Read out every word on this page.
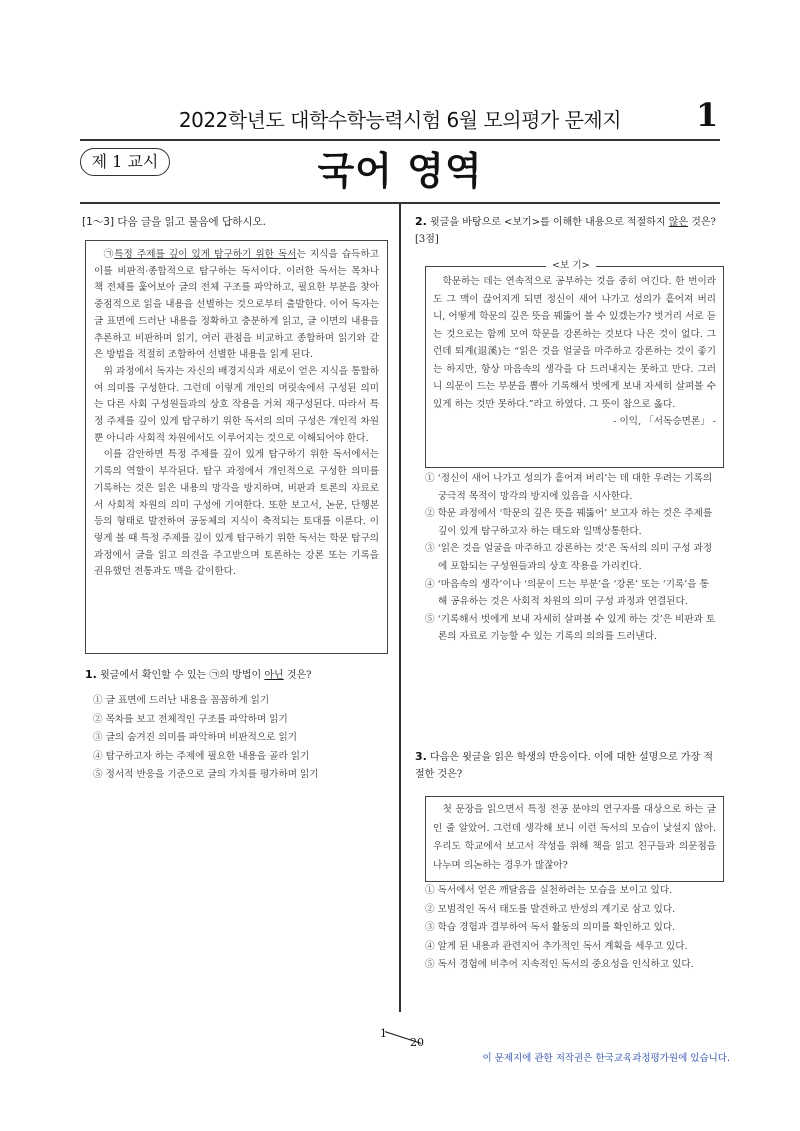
2022학년도 대학수학능력시험 6월 모의평가 문제지	1
제 1 교시	국어 영역
[1～3] 다음 글을 읽고 물음에 답하시오.

㉠특정 주제를 깊이 있게 탐구하기 위한 독서는 지식을 습득하고 이를 비판적·종합적으로 탐구하는 독서이다. 이러한 독서는 목차나 책 전체를 훑어보아 글의 전체 구조를 파악하고, 필요한 부분을 찾아 중점적으로 읽을 내용을 선별하는 것으로부터 출발한다. 이어 독자는 글 표면에 드러난 내용을 정확하고 충분하게 읽고, 글 이면의 내용을 추론하고 비판하며 읽기, 여러 관점을 비교하고 종합하며 읽기와 같은 방법을 적절히 조합하여 선별한 내용을 읽게 된다.

위 과정에서 독자는 자신의 배경지식과 새로이 얻은 지식을 통합하여 의미를 구성한다. 그런데 이렇게 개인의 머릿속에서 구성된 의미는 다른 사회 구성원들과의 상호 작용을 거쳐 재구성된다. 따라서 특정 주제를 깊이 있게 탐구하기 위한 독서의 의미 구성은 개인적 차원뿐 아니라 사회적 차원에서도 이루어지는 것으로 이해되어야 한다.

이를 감안하면 특정 주제를 깊이 있게 탐구하기 위한 독서에서는 기록의 역할이 부각된다. 탐구 과정에서 개인적으로 구성한 의미를 기록하는 것은 읽은 내용의 망각을 방지하며, 비판과 토론의 자료로서 사회적 차원의 의미 구성에 기여한다. 또한 보고서, 논문, 단행본 등의 형태로 발전하여 공동체의 지식이 축적되는 토대를 이룬다. 이렇게 볼 때 특정 주제를 깊이 있게 탐구하기 위한 독서는 학문 탐구의 과정에서 글을 읽고 의견을 주고받으며 토론하는 강론 또는 기록을 권유했던 전통과도 맥을 같이한다.

1. 윗글에서 확인할 수 있는 ㉠의 방법이 아닌 것은?
① 글 표면에 드러난 내용을 꼼꼼하게 읽기
② 목차를 보고 전체적인 구조를 파악하며 읽기
③ 글의 숨겨진 의미를 파악하며 비판적으로 읽기
④ 탐구하고자 하는 주제에 필요한 내용을 골라 읽기
⑤ 정서적 반응을 기준으로 글의 가치를 평가하며 읽기
2. 윗글을 바탕으로 <보기>를 이해한 내용으로 적절하지 않은 것은? [3점]

학문하는 데는 연속적으로 공부하는 것을 중히 여긴다. 한 번이라도 그 맥이 끊어지게 되면 정신이 새어 나가고 성의가 흩어져 버리니, 어떻게 학문의 깊은 뜻을 꿰뚫어 볼 수 있겠는가? 벗거리 서로 듣는 것으로는 함께 모여 학문을 강론하는 것보다 나은 것이 없다. 그런데 퇴계(退溪)는 “읽은 것을 얼굴을 마주하고 강론하는 것이 좋기는 하지만, 항상 마음속의 생각을 다 드러내지는 못하고 만다. 그러니 의문이 드는 부분을 뽑아 기록해서 벗에게 보내 자세히 살펴볼 수 있게 하는 것만 못하다.”라고 하였다. 그 뜻이 참으로 옳다.

- 이익, 「서독승면론」 -
<보 기>
① ‘정신이 새어 나가고 성의가 흩어져 버리’는 데 대한 우려는 기록의 궁극적 목적이 망각의 방지에 있음을 시사한다.
② 학문 과정에서 ‘학문의 깊은 뜻을 꿰뚫어’ 보고자 하는 것은 주제를 깊이 있게 탐구하고자 하는 태도와 일맥상통한다.
③ ‘읽은 것을 얼굴을 마주하고 강론하는 것’은 독서의 의미 구성 과정에 포함되는 구성원들과의 상호 작용을 가리킨다.
④ ‘마음속의 생각’이나 ‘의문이 드는 부분’을 ‘강론’ 또는 ‘기록’을 통해 공유하는 것은 사회적 차원의 의미 구성 과정과 연결된다.
⑤ ‘기록해서 벗에게 보내 자세히 살펴볼 수 있게 하는 것’은 비판과 토론의 자료로 기능할 수 있는 기록의 의의를 드러낸다.
3. 다음은 윗글을 읽은 학생의 반응이다. 이에 대한 설명으로 가장 적절한 것은?

첫 문장을 읽으면서 특정 전공 분야의 연구자를 대상으로 하는 글인 줄 알았어. 그런데 생각해 보니 이런 독서의 모습이 낯설지 않아. 우리도 학교에서 보고서 작성을 위해 책을 읽고 친구들과 의문점을 나누며 의논하는 경우가 많잖아?

① 독서에서 얻은 깨달음을 실천하려는 모습을 보이고 있다.
② 모범적인 독서 태도를 발견하고 반성의 계기로 삼고 있다.
③ 학습 경험과 결부하여 독서 활동의 의미를 확인하고 있다.
④ 알게 된 내용과 관련지어 추가적인 독서 계획을 세우고 있다.
⑤ 독서 경험에 비추어 지속적인 독서의 중요성을 인식하고 있다.
1
20
이 문제지에 관한 저작권은 한국교육과정평가원에 있습니다.
